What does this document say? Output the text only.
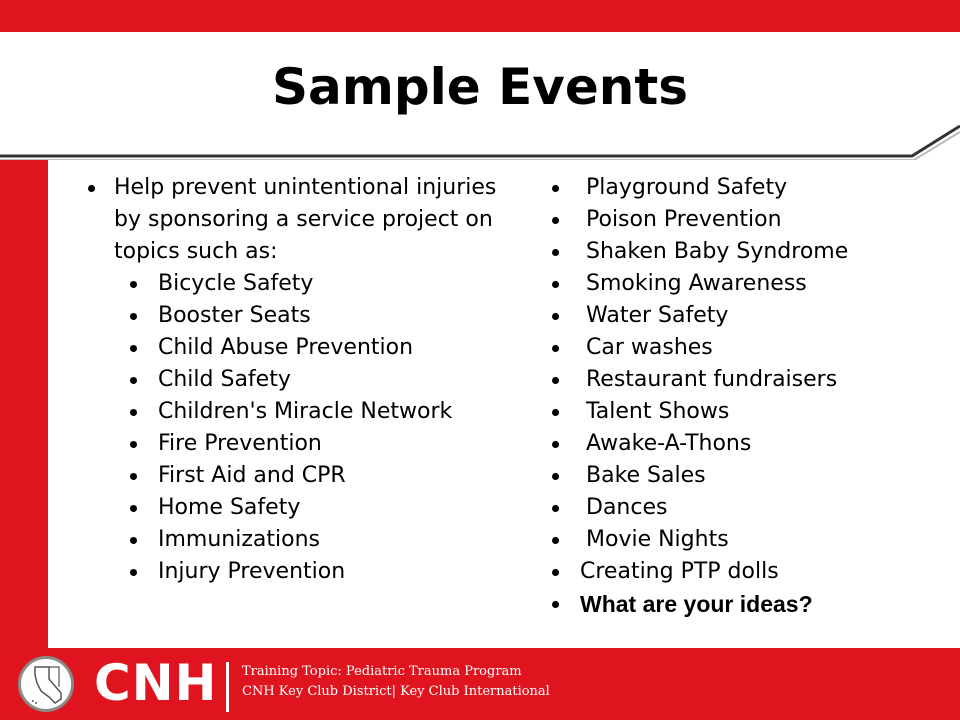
Sample Events
Help prevent unintentional injuries by sponsoring a service project on topics such as:
Bicycle Safety
Booster Seats
Child Abuse Prevention
Child Safety
Children's Miracle Network
Fire Prevention
First Aid and CPR
Home Safety
Immunizations
Injury Prevention
Playground Safety
Poison Prevention
Shaken Baby Syndrome
Smoking Awareness
Water Safety
Car washes
Restaurant fundraisers
Talent Shows
Awake-A-Thons
Bake Sales
Dances
Movie Nights
Creating PTP dolls
What are your ideas?
CNH Training Topic: Pediatric Trauma Program
CNH Key Club District| Key Club International
